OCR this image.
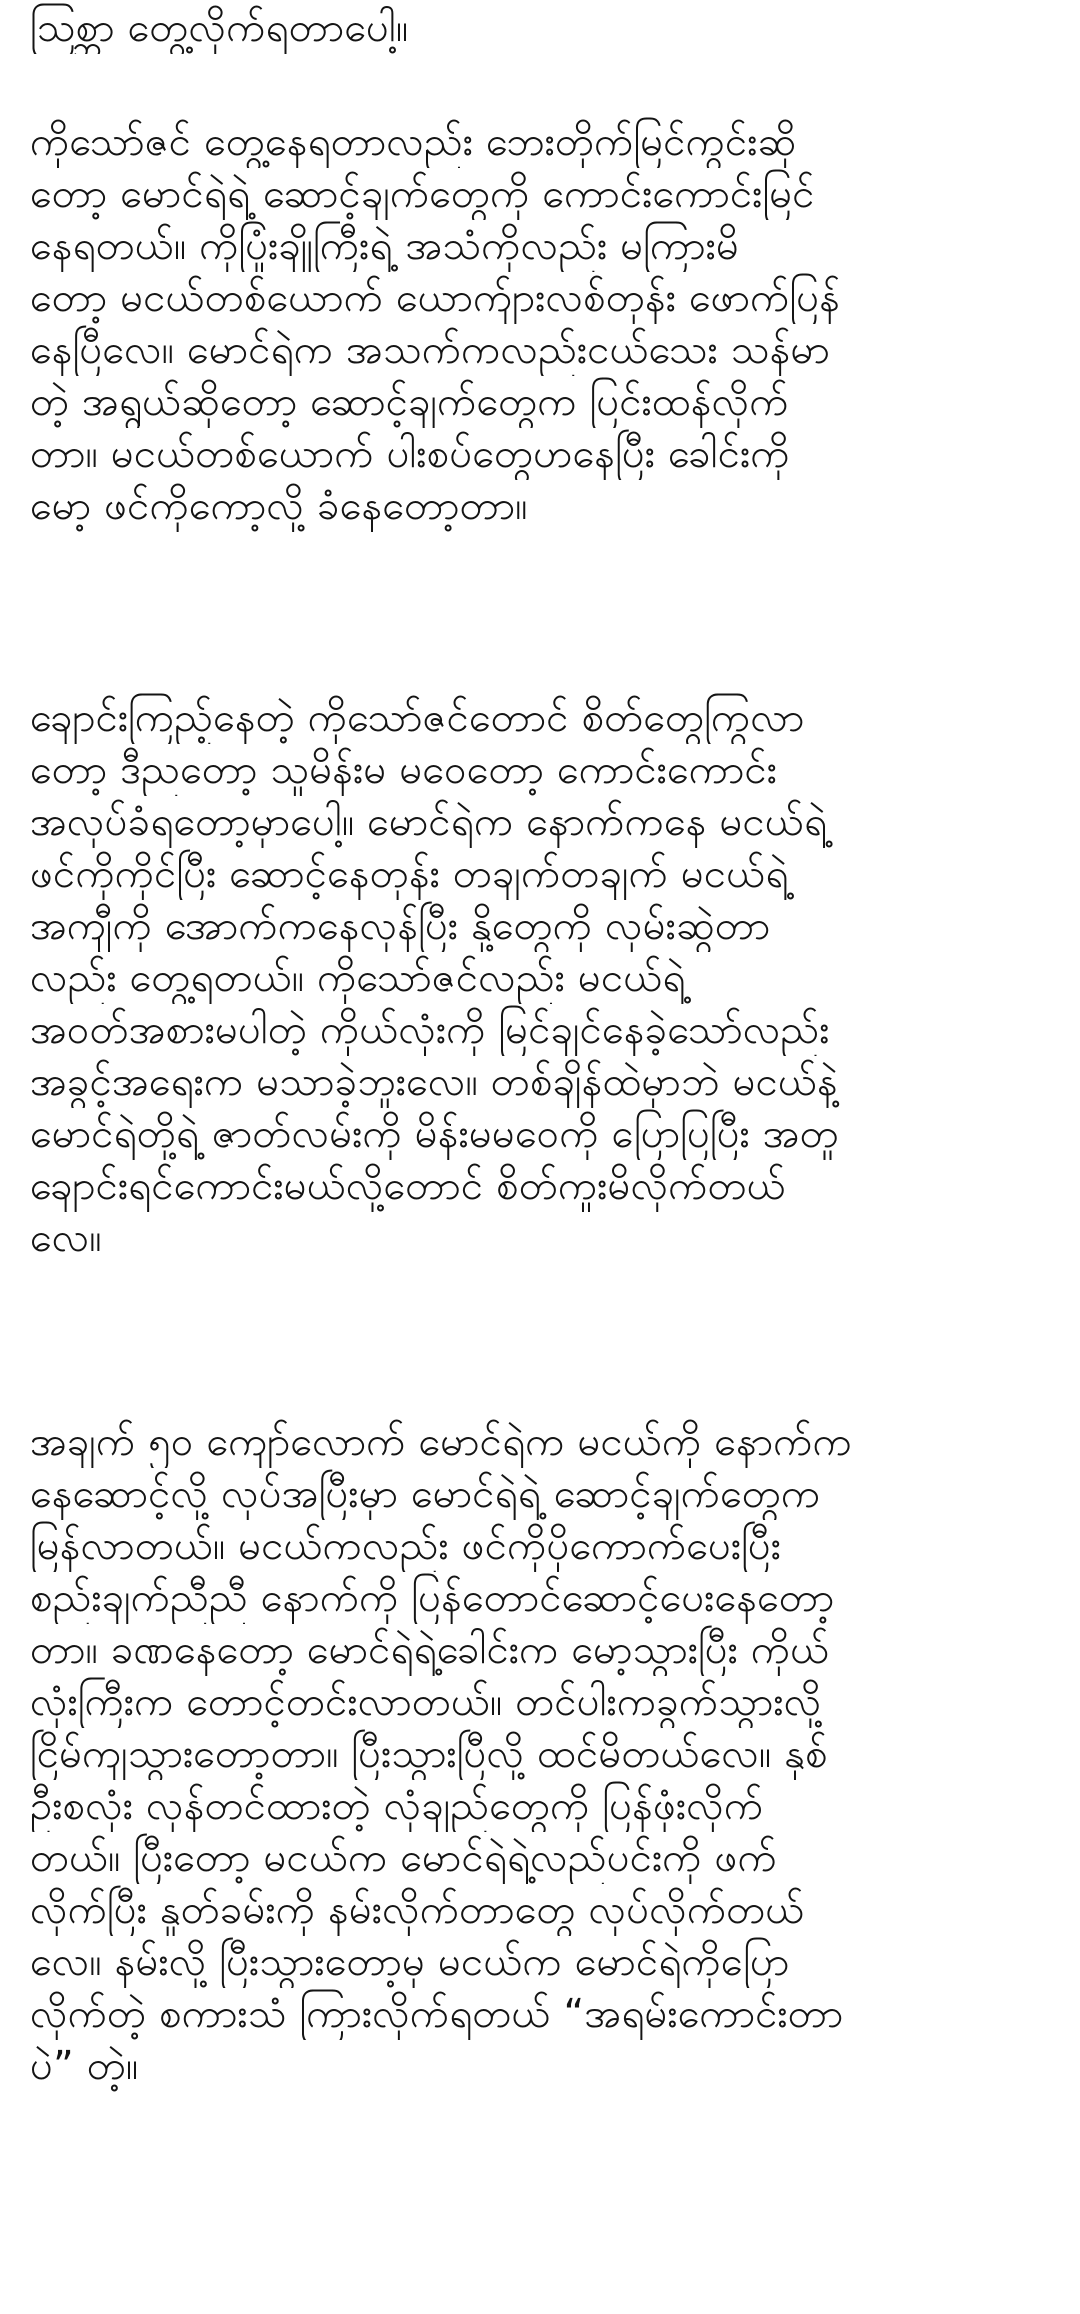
သြစ္ဘာ တွေ့လိုက်ရတာပေါ့။
ကိုသော်ဇင် တွေ့နေရတာလည်း ဘေးတိုက်မြင်ကွင်းဆို
တော့ မောင်ရဲရဲ့ ဆောင့်ချက်တွေကို ကောင်းကောင်းမြင်
နေရတယ်။ ကိုပြုံးချိုကြီးရဲ့ အသံကိုလည်း မကြားမိ
တော့ မငယ်တစ်ယောက် ယောက်ျားလစ်တုန်း ဖောက်ပြန်
နေပြီလေ။ မောင်ရဲက အသက်ကလည်းငယ်သေး သန်မာ
တဲ့ အရွယ်ဆိုတော့ ဆောင့်ချက်တွေက ပြင်းထန်လိုက်
တာ။ မငယ်တစ်ယောက် ပါးစပ်တွေဟနေပြီး ခေါင်းကို
မော့ ဖင်ကိုကော့လို့ ခံနေတော့တာ။
ချောင်းကြည့်နေတဲ့ ကိုသော်ဇင်တောင် စိတ်တွေကြွလာ
တော့ ဒီညတော့ သူမိန်းမ မဝေတော့ ကောင်းကောင်း
အလုပ်ခံရတော့မှာပေါ့။ မောင်ရဲက နောက်ကနေ မငယ်ရဲ့
ဖင်ကိုကိုင်ပြီး ဆောင့်နေတုန်း တချက်တချက် မငယ်ရဲ့
အကျီကို အောက်ကနေလှန်ပြီး နို့တွေကို လှမ်းဆွဲတာ
လည်း တွေ့ရတယ်။ ကိုသော်ဇင်လည်း မငယ်ရဲ့
အဝတ်အစားမပါတဲ့ ကိုယ်လုံးကို မြင်ချင်နေခဲ့သော်လည်း
အခွင့်အရေးက မသာခဲ့ဘူးလေ။ တစ်ချိန်ထဲမှာဘဲ မငယ်နဲ့
မောင်ရဲတို့ရဲ့ ဇာတ်လမ်းကို မိန်းမမဝေကို ပြောပြပြီး အတူ
ချောင်းရင်ကောင်းမယ်လို့တောင် စိတ်ကူးမိလိုက်တယ်
လေ။
အချက် ၅၀ ကျော်လောက် မောင်ရဲက မငယ်ကို နောက်က
နေဆောင့်လို့ လုပ်အပြီးမှာ မောင်ရဲရဲ့ ဆောင့်ချက်တွေက
မြန်လာတယ်။ မငယ်ကလည်း ဖင်ကိုပိုကောက်ပေးပြီး
စည်းချက်ညီညီ နောက်ကို ပြန်တောင်ဆောင့်ပေးနေတော့
တာ။ ခဏနေတော့ မောင်ရဲရဲ့ခေါင်းက မော့သွားပြီး ကိုယ်
လုံးကြီးက တောင့်တင်းလာတယ်။ တင်ပါးကခွက်သွားလို့
ငြိမ်ကျသွားတော့တာ။ ပြီးသွားပြီလို့ ထင်မိတယ်လေ။ နှစ်
ဦးစလုံး လှန်တင်ထားတဲ့ လုံချည်တွေကို ပြန်ဖုံးလိုက်
တယ်။ ပြီးတော့ မငယ်က မောင်ရဲရဲ့လည်ပင်းကို ဖက်
လိုက်ပြီး နှုတ်ခမ်းကို နမ်းလိုက်တာတွေ လုပ်လိုက်တယ်
လေ။ နမ်းလို့ ပြီးသွားတော့မှ မငယ်က မောင်ရဲကိုပြော
လိုက်တဲ့ စကားသံ ကြားလိုက်ရတယ် “အရမ်းကောင်းတာ
ပဲ” တဲ့။
